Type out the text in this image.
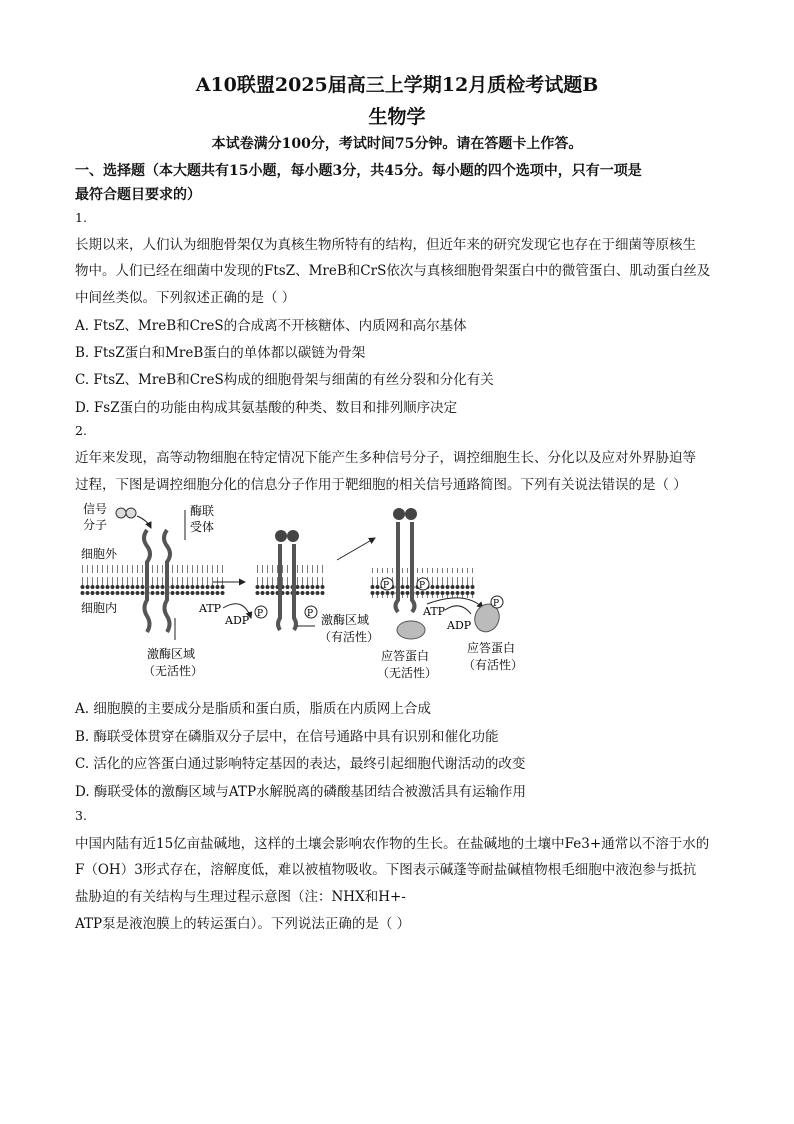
A10联盟2025届高三上学期12月质检考试题B
生物学
本试卷满分100分，考试时间75分钟。请在答题卡上作答。
一、选择题（本大题共有15小题，每小题3分，共45分。每小题的四个选项中，只有一项是
最符合题目要求的）
1.
长期以来，人们认为细胞骨架仅为真核生物所特有的结构，但近年来的研究发现它也存在于细菌等原核生
物中。人们已经在细菌中发现的FtsZ、MreB和CrS依次与真核细胞骨架蛋白中的微管蛋白、肌动蛋白丝及
中间丝类似。下列叙述正确的是（ ）
A. FtsZ、MreB和CreS的合成离不开核糖体、内质网和高尔基体
B. FtsZ蛋白和MreB蛋白的单体都以碳链为骨架
C. FtsZ、MreB和CreS构成的细胞骨架与细菌的有丝分裂和分化有关
D. FsZ蛋白的功能由构成其氨基酸的种类、数目和排列顺序决定
2.
近年来发现，高等动物细胞在特定情况下能产生多种信号分子，调控细胞生长、分化以及应对外界胁迫等
过程，下图是调控细胞分化的信息分子作用于靶细胞的相关信号通路简图。下列有关说法错误的是（ ）
信号
分子
细胞外
细胞内
酶联
受体
激酶区域
（无活性）
ATP
ADP P	P 激酶区域
（有活性）
P	P
ATP
ADP
P
应答蛋白
（无活性）
应答蛋白
（有活性）
A. 细胞膜的主要成分是脂质和蛋白质，脂质在内质网上合成
B. 酶联受体贯穿在磷脂双分子层中，在信号通路中具有识别和催化功能
C. 活化的应答蛋白通过影响特定基因的表达，最终引起细胞代谢活动的改变
D. 酶联受体的激酶区域与ATP水解脱离的磷酸基团结合被激活具有运输作用
3.
中国内陆有近15亿亩盐碱地，这样的土壤会影响农作物的生长。在盐碱地的土壤中Fe3+通常以不溶于水的
F（OH）3形式存在，溶解度低，难以被植物吸收。下图表示碱蓬等耐盐碱植物根毛细胞中液泡参与抵抗
盐胁迫的有关结构与生理过程示意图（注：NHX和H+-
ATP泵是液泡膜上的转运蛋白）。下列说法正确的是（ ）
